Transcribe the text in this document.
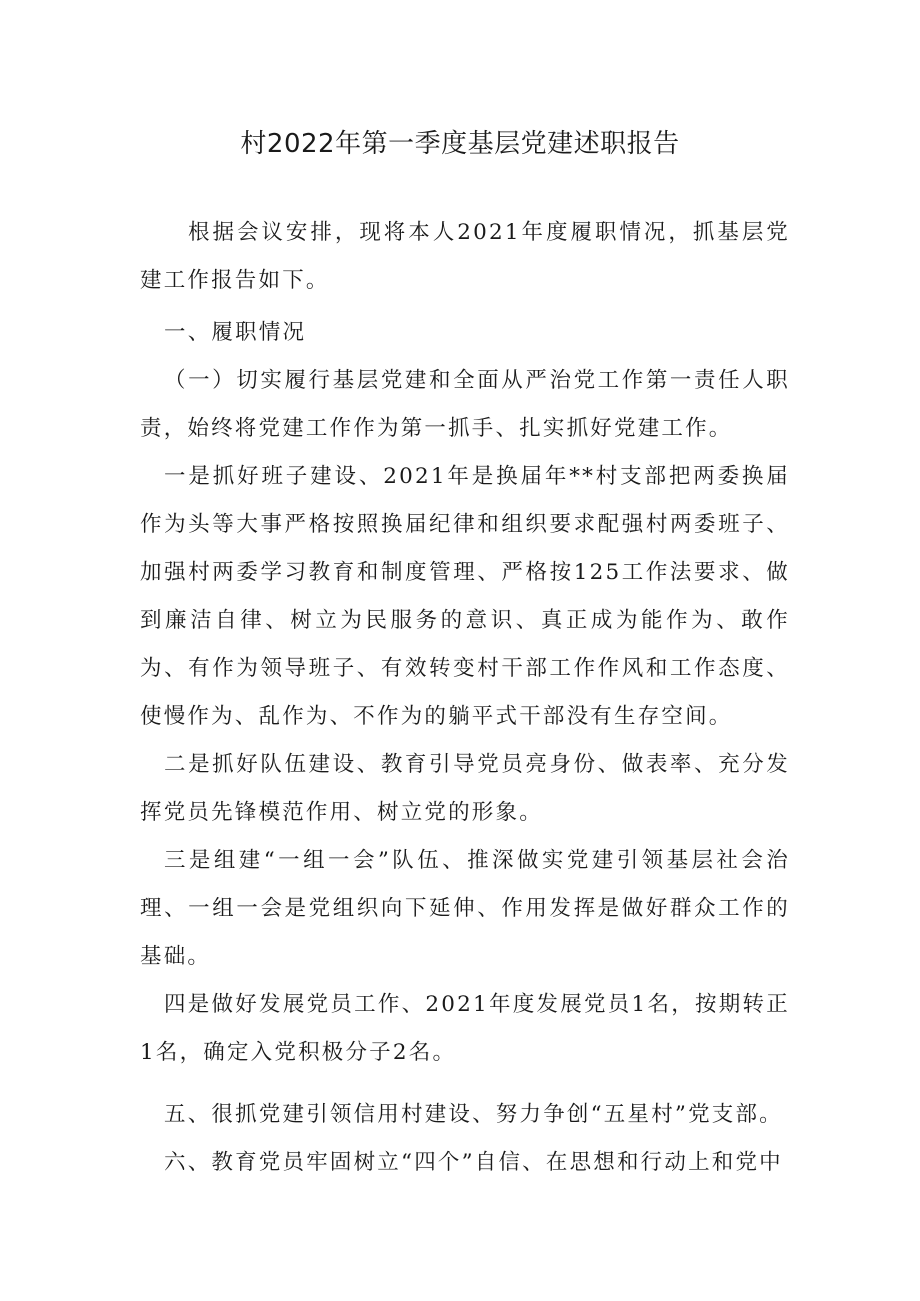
村2022年第一季度基层党建述职报告

根据会议安排，现将本人2021年度履职情况，抓基层党建工作报告如下。

一、履职情况

（一）切实履行基层党建和全面从严治党工作第一责任人职责，始终将党建工作作为第一抓手、扎实抓好党建工作。

一是抓好班子建设、2021年是换届年**村支部把两委换届作为头等大事严格按照换届纪律和组织要求配强村两委班子、加强村两委学习教育和制度管理、严格按125工作法要求、做到廉洁自律、树立为民服务的意识、真正成为能作为、敢作为、有作为领导班子、有效转变村干部工作作风和工作态度、使慢作为、乱作为、不作为的躺平式干部没有生存空间。

二是抓好队伍建设、教育引导党员亮身份、做表率、充分发挥党员先锋模范作用、树立党的形象。

三是组建“一组一会”队伍、推深做实党建引领基层社会治理、一组一会是党组织向下延伸、作用发挥是做好群众工作的基础。

四是做好发展党员工作、2021年度发展党员1名，按期转正1名，确定入党积极分子2名。

五、很抓党建引领信用村建设、努力争创“五星村”党支部。

六、教育党员牢固树立“四个”自信、在思想和行动上和党中
